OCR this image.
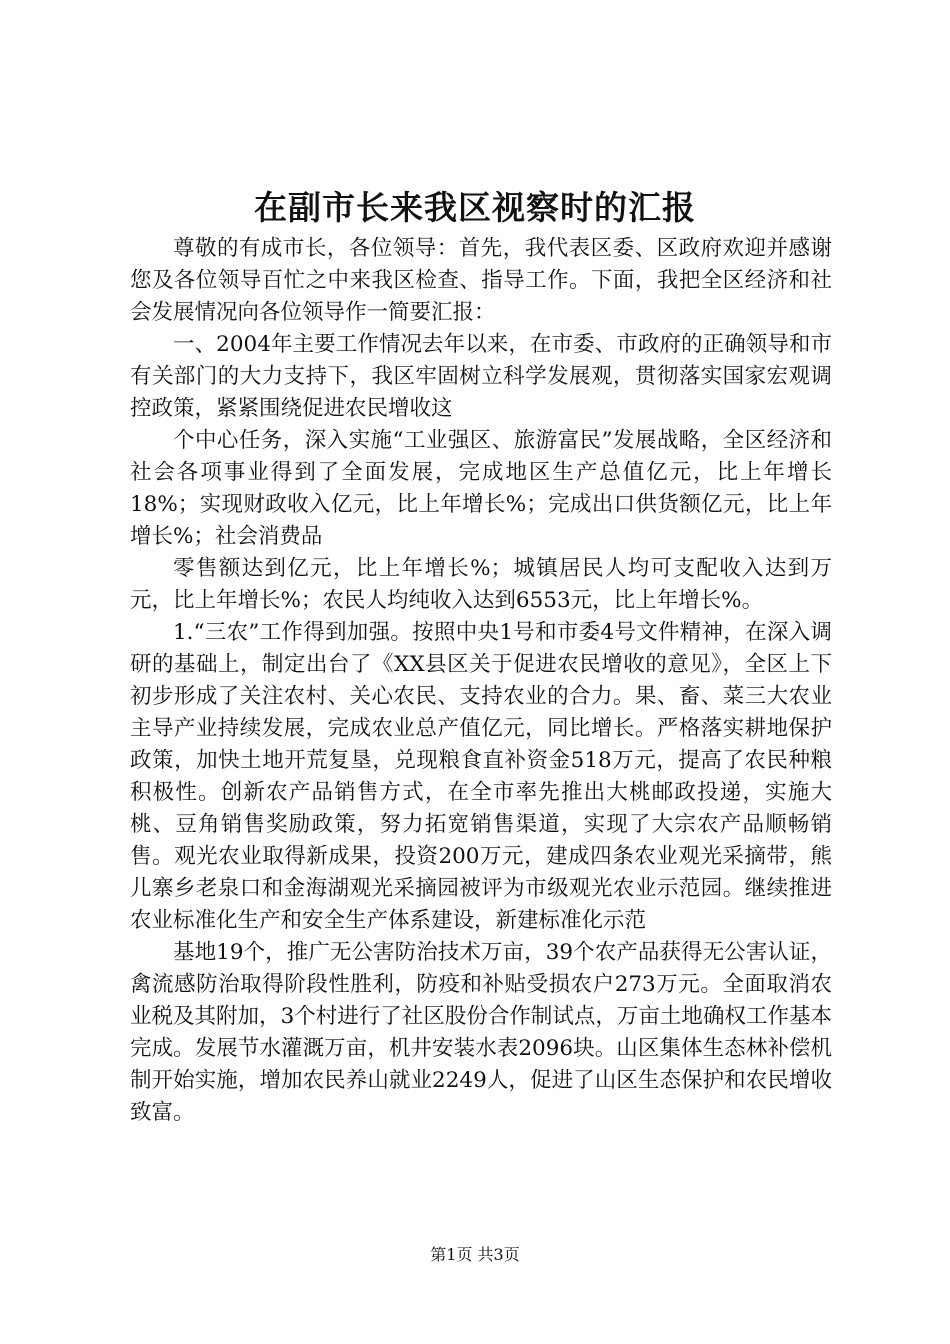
在副市长来我区视察时的汇报

尊敬的有成市长，各位领导：首先，我代表区委、区政府欢迎并感谢您及各位领导百忙之中来我区检查、指导工作。下面，我把全区经济和社会发展情况向各位领导作一简要汇报：

一、2004年主要工作情况去年以来，在市委、市政府的正确领导和市有关部门的大力支持下，我区牢固树立科学发展观，贯彻落实国家宏观调控政策，紧紧围绕促进农民增收这

个中心任务，深入实施“工业强区、旅游富民”发展战略，全区经济和社会各项事业得到了全面发展，完成地区生产总值亿元，比上年增长18%；实现财政收入亿元，比上年增长%；完成出口供货额亿元，比上年增长%；社会消费品

零售额达到亿元，比上年增长%；城镇居民人均可支配收入达到万元，比上年增长%；农民人均纯收入达到6553元，比上年增长%。

1.“三农”工作得到加强。按照中央1号和市委4号文件精神，在深入调研的基础上，制定出台了《XX县区关于促进农民增收的意见》，全区上下初步形成了关注农村、关心农民、支持农业的合力。果、畜、菜三大农业主导产业持续发展，完成农业总产值亿元，同比增长。严格落实耕地保护政策，加快土地开荒复垦，兑现粮食直补资金518万元，提高了农民种粮积极性。创新农产品销售方式，在全市率先推出大桃邮政投递，实施大桃、豆角销售奖励政策，努力拓宽销售渠道，实现了大宗农产品顺畅销售。观光农业取得新成果，投资200万元，建成四条农业观光采摘带，熊儿寨乡老泉口和金海湖观光采摘园被评为市级观光农业示范园。继续推进农业标准化生产和安全生产体系建设，新建标准化示范

基地19个，推广无公害防治技术万亩，39个农产品获得无公害认证，禽流感防治取得阶段性胜利，防疫和补贴受损农户273万元。全面取消农业税及其附加，3个村进行了社区股份合作制试点，万亩土地确权工作基本完成。发展节水灌溉万亩，机井安装水表2096块。山区集体生态林补偿机制开始实施，增加农民养山就业2249人，促进了山区生态保护和农民增收致富。

第1页 共3页
